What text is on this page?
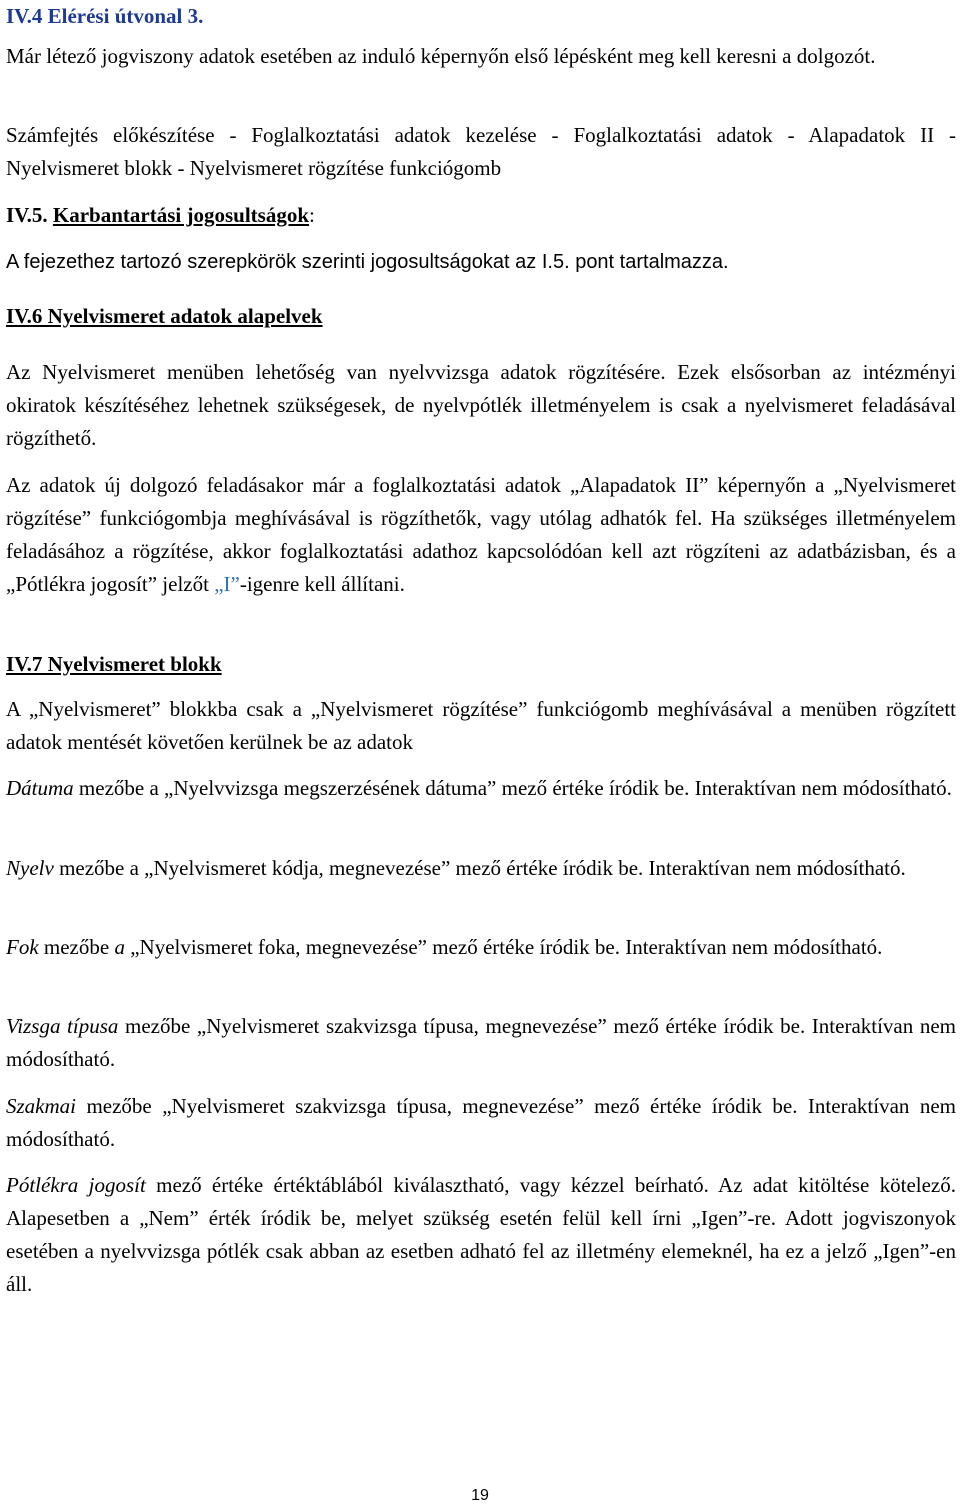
IV.4 Elérési útvonal 3.

Már létező jogviszony adatok esetében az induló képernyőn első lépésként meg kell keresni a dolgozót.

Számfejtés előkészítése - Foglalkoztatási adatok kezelése - Foglalkoztatási adatok - Alapadatok II - Nyelvismeret blokk - Nyelvismeret rögzítése funkciógomb

IV.5. Karbantartási jogosultságok:

A fejezethez tartozó szerepkörök szerinti jogosultságokat az I.5. pont tartalmazza.

IV.6 Nyelvismeret adatok alapelvek

Az Nyelvismeret menüben lehetőség van nyelvvizsga adatok rögzítésére. Ezek elsősorban az intézményi okiratok készítéséhez lehetnek szükségesek, de nyelvpótlék illetményelem is csak a nyelvismeret feladásával rögzíthető.

Az adatok új dolgozó feladásakor már a foglalkoztatási adatok „Alapadatok II” képernyőn a „Nyelvismeret rögzítése” funkciógombja meghívásával is rögzíthetők, vagy utólag adhatók fel. Ha szükséges illetményelem feladásához a rögzítése, akkor foglalkoztatási adathoz kapcsolódóan kell azt rögzíteni az adatbázisban, és a „Pótlékra jogosít” jelzőt „I”-igenre kell állítani.

IV.7 Nyelvismeret blokk

A „Nyelvismeret” blokkba csak a „Nyelvismeret rögzítése” funkciógomb meghívásával a menüben rögzített adatok mentését követően kerülnek be az adatok

Dátuma mezőbe a „Nyelvvizsga megszerzésének dátuma” mező értéke íródik be. Interaktívan nem módosítható.

Nyelv mezőbe a „Nyelvismeret kódja, megnevezése” mező értéke íródik be. Interaktívan nem módosítható.

Fok mezőbe a „Nyelvismeret foka, megnevezése” mező értéke íródik be. Interaktívan nem módosítható.

Vizsga típusa mezőbe „Nyelvismeret szakvizsga típusa, megnevezése” mező értéke íródik be. Interaktívan nem módosítható.

Szakmai mezőbe „Nyelvismeret szakvizsga típusa, megnevezése” mező értéke íródik be. Interaktívan nem módosítható.

Pótlékra jogosít mező értéke értéktáblából kiválasztható, vagy kézzel beírható. Az adat kitöltése kötelező. Alapesetben a „Nem” érték íródik be, melyet szükség esetén felül kell írni „Igen”-re. Adott jogviszonyok esetében a nyelvvizsga pótlék csak abban az esetben adható fel az illetmény elemeknél, ha ez a jelző „Igen”-en áll.

19
